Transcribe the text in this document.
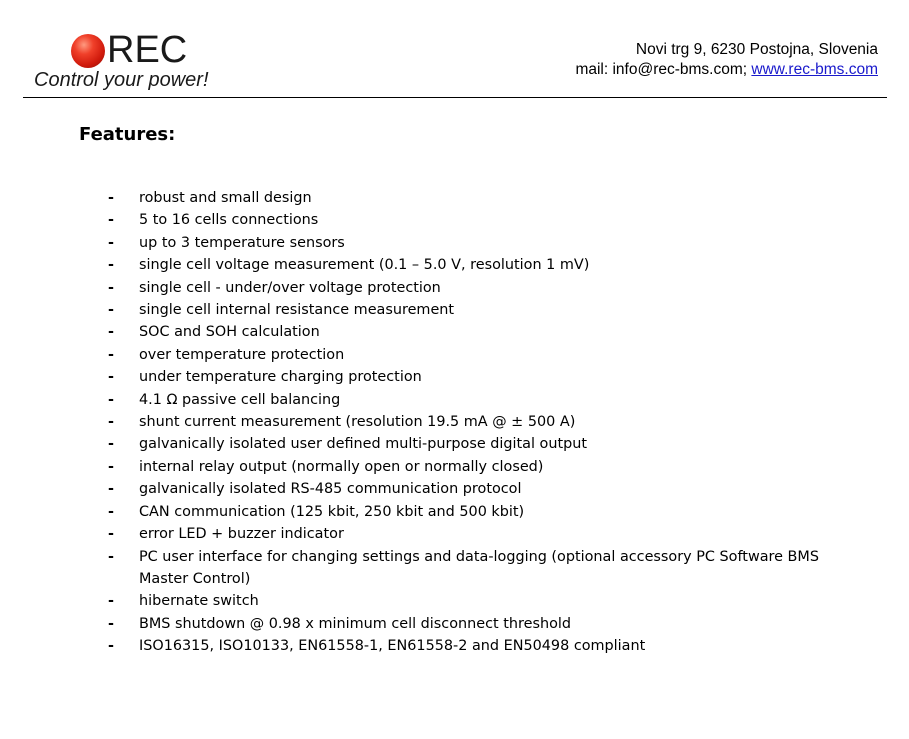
REC
Control your power!
Novi trg 9, 6230 Postojna, Slovenia
mail: info@rec-bms.com; www.rec-bms.com
Features:
- robust and small design
- 5 to 16 cells connections
- up to 3 temperature sensors
- single cell voltage measurement (0.1 – 5.0 V, resolution 1 mV)
- single cell - under/over voltage protection
- single cell internal resistance measurement
- SOC and SOH calculation
- over temperature protection
- under temperature charging protection
- 4.1 Ω passive cell balancing
- shunt current measurement (resolution 19.5 mA @ ± 500 A)
- galvanically isolated user defined multi-purpose digital output
- internal relay output (normally open or normally closed)
- galvanically isolated RS-485 communication protocol
- CAN communication (125 kbit, 250 kbit and 500 kbit)
- error LED + buzzer indicator
- PC user interface for changing settings and data-logging (optional accessory PC Software BMS Master Control)
- hibernate switch
- BMS shutdown @ 0.98 x minimum cell disconnect threshold
- ISO16315, ISO10133, EN61558-1, EN61558-2 and EN50498 compliant
